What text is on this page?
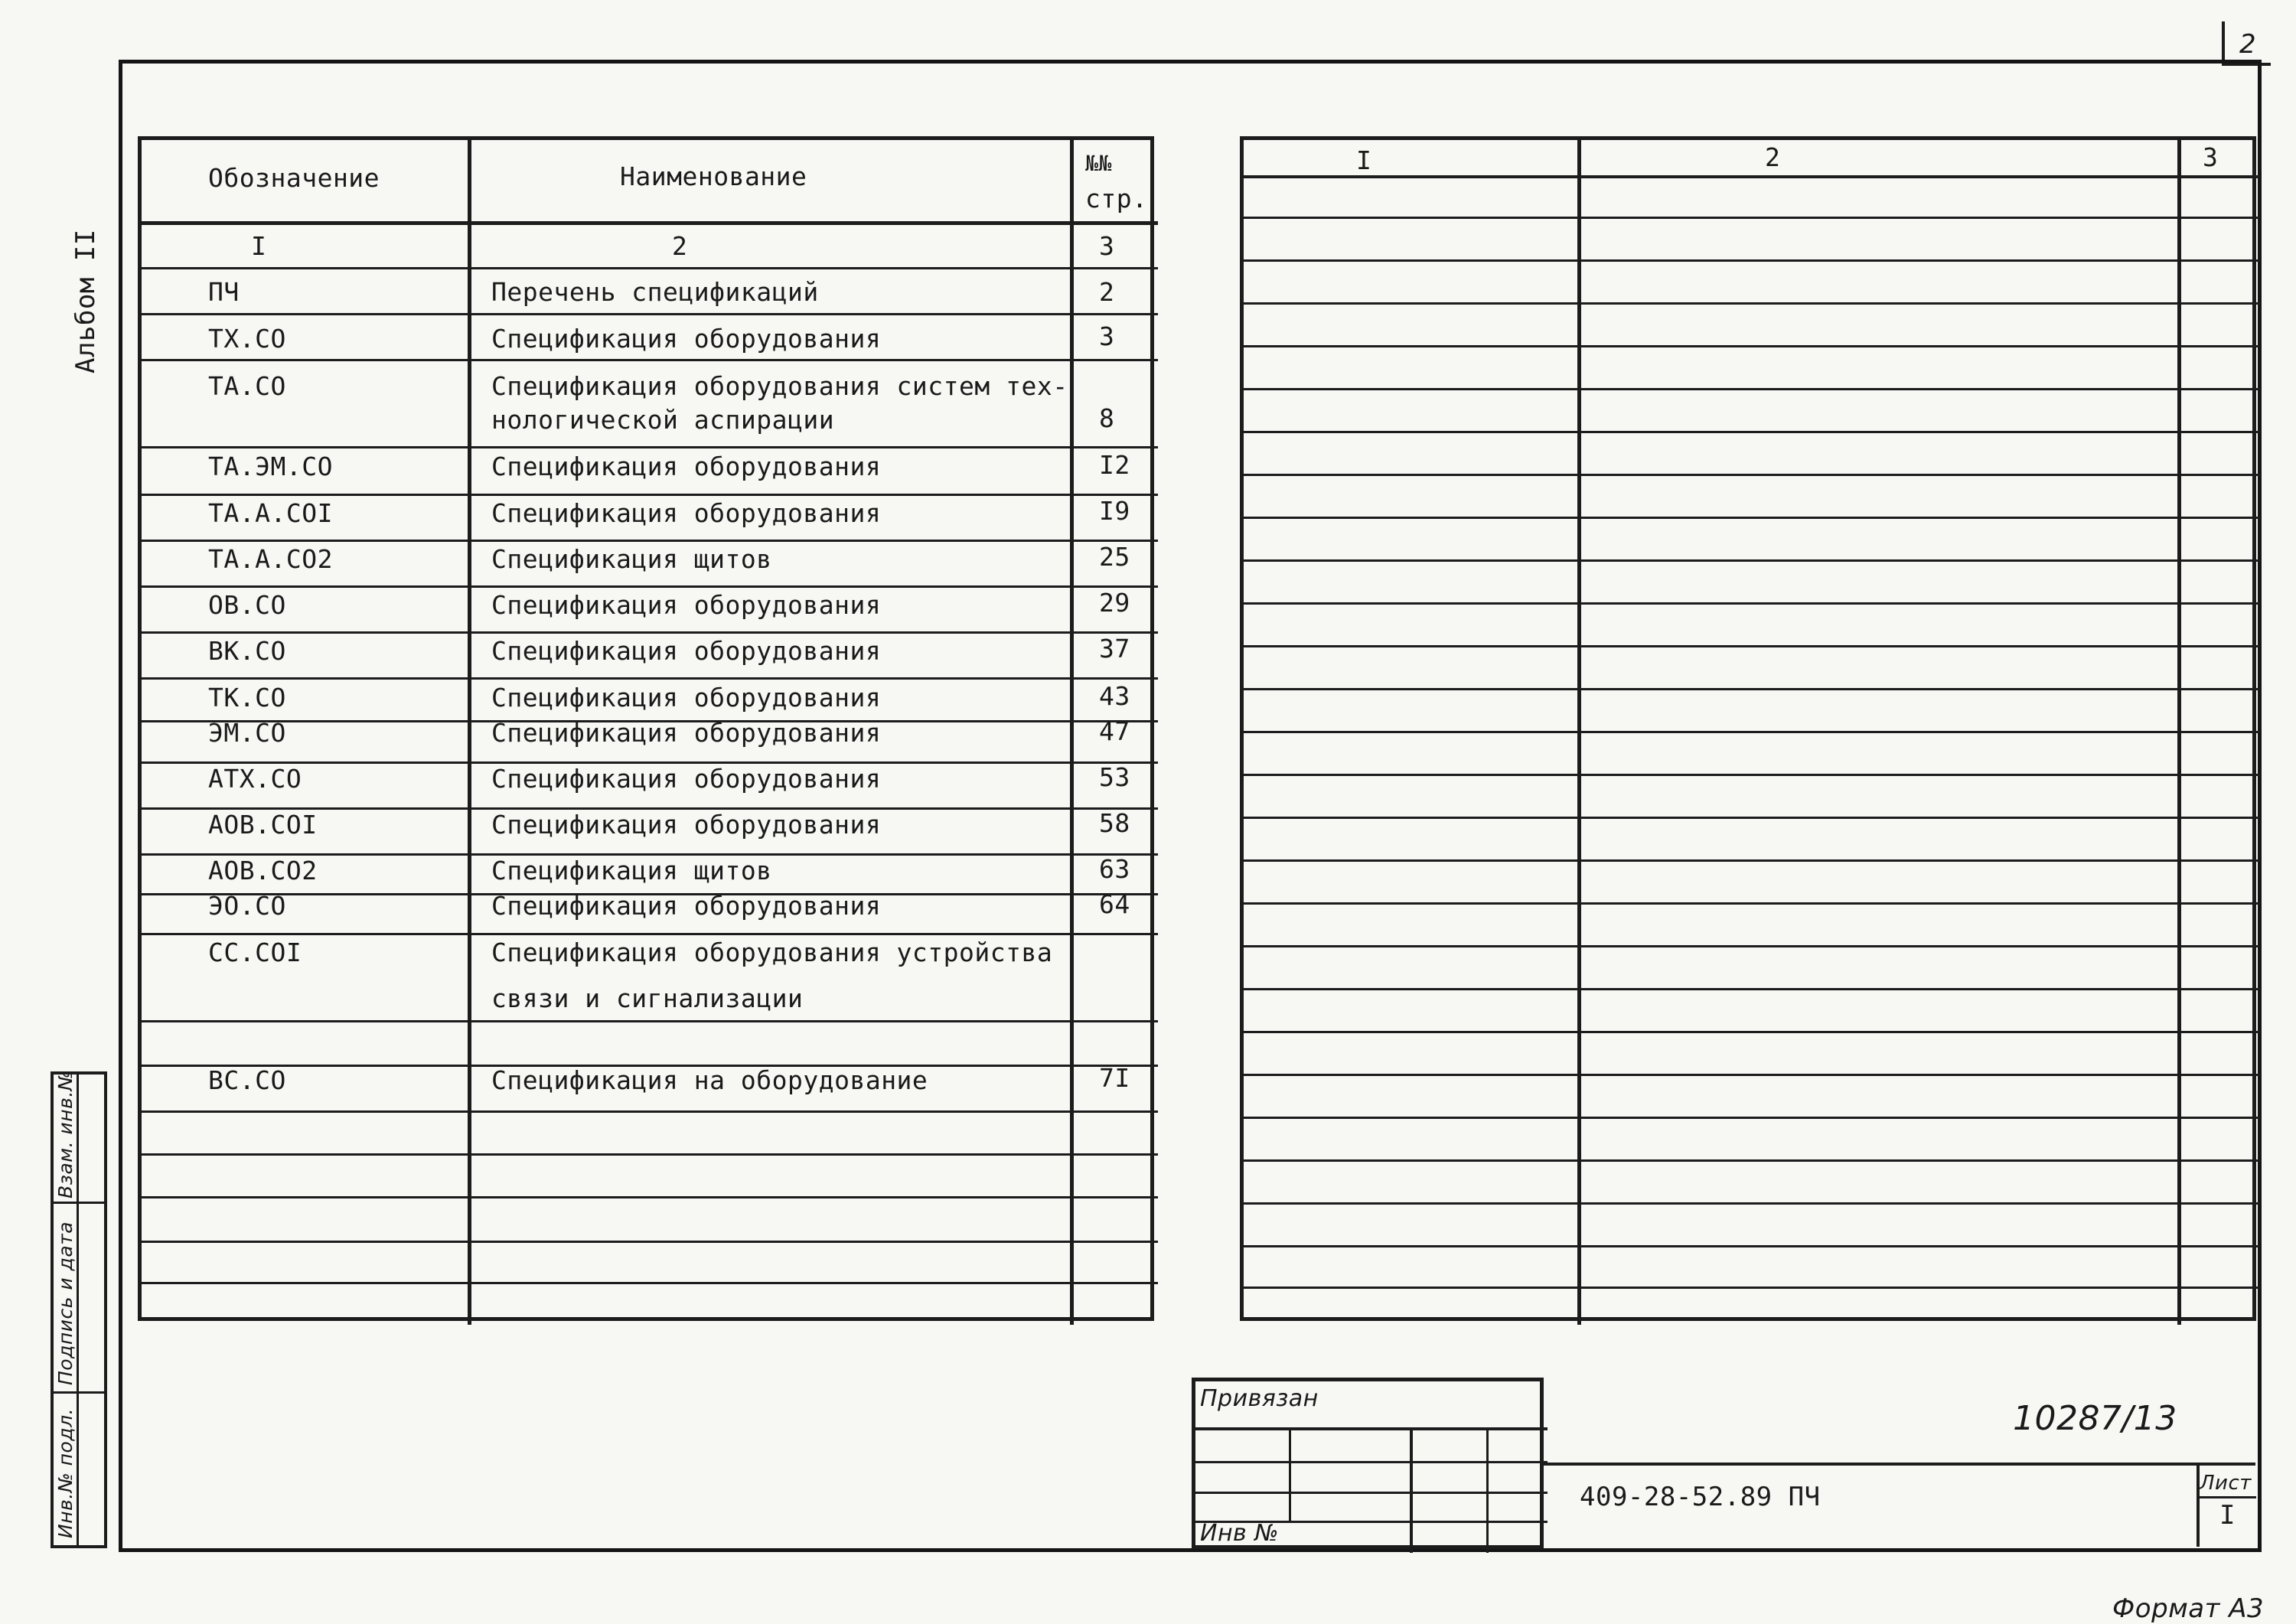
2
Альбом II
Взам. инв.№
Подпись и дата
Инв.№ подл.
Обозначение	Наименование	№№
стр.
I	2	3
ПЧ	Перечень спецификаций	2
ТХ.СО	Спецификация оборудования	3
ТА.СО	Спецификация оборудования систем тех-
нологической аспирации	8
ТА.ЭМ.СО	Спецификация оборудования	I2
ТА.А.СОI	Спецификация оборудования	I9
ТА.А.СО2	Спецификация щитов	25
ОВ.СО	Спецификация оборудования	29
ВК.СО	Спецификация оборудования	37
ТК.СО	Спецификация оборудования	43
ЭМ.СО	Спецификация оборудования	47
АТХ.СО	Спецификация оборудования	53
АОВ.СОI	Спецификация оборудования	58
АОВ.СО2	Спецификация щитов	63
ЭО.СО	Спецификация оборудования	64
СС.СОI	Спецификация оборудования устройства
связи и сигнализации
ВС.СО	Спецификация на оборудование	7I
I	2	3
10287/13
Привязан
Инв №
409-28-52.89 ПЧ	Лист
I
Формат А3
